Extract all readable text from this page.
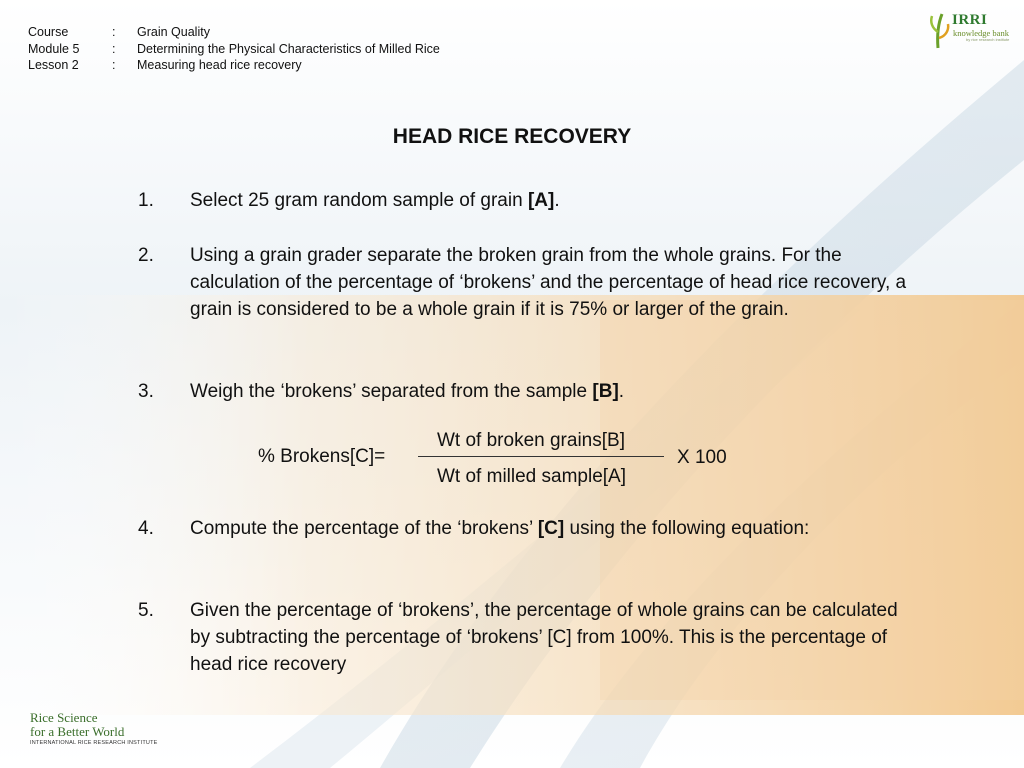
Course	:	Grain Quality
Module 5	:	Determining the Physical Characteristics of Milled Rice
Lesson 2	:	Measuring head rice recovery
IRRI
knowledge bank
by rice research institute
HEAD RICE RECOVERY
1.	Select 25 gram random sample of grain [A].
2.	Using a grain grader separate the broken grain from the whole grains. For the calculation of the percentage of ‘brokens’ and the percentage of head rice recovery, a grain is considered to be a whole grain if it is 75% or larger of the grain.
3.	Weigh the ‘brokens’ separated from the sample [B].
% Brokens[C]=
Wt of broken grains[B]
Wt of milled sample[A]
X 100
4.	Compute the percentage of the ‘brokens’ [C] using the following equation:
5.	Given the percentage of ‘brokens’, the percentage of whole grains can be calculated by subtracting the percentage of ‘brokens’ [C] from 100%. This is the percentage of head rice recovery
Rice Science
for a Better World
INTERNATIONAL RICE RESEARCH INSTITUTE
